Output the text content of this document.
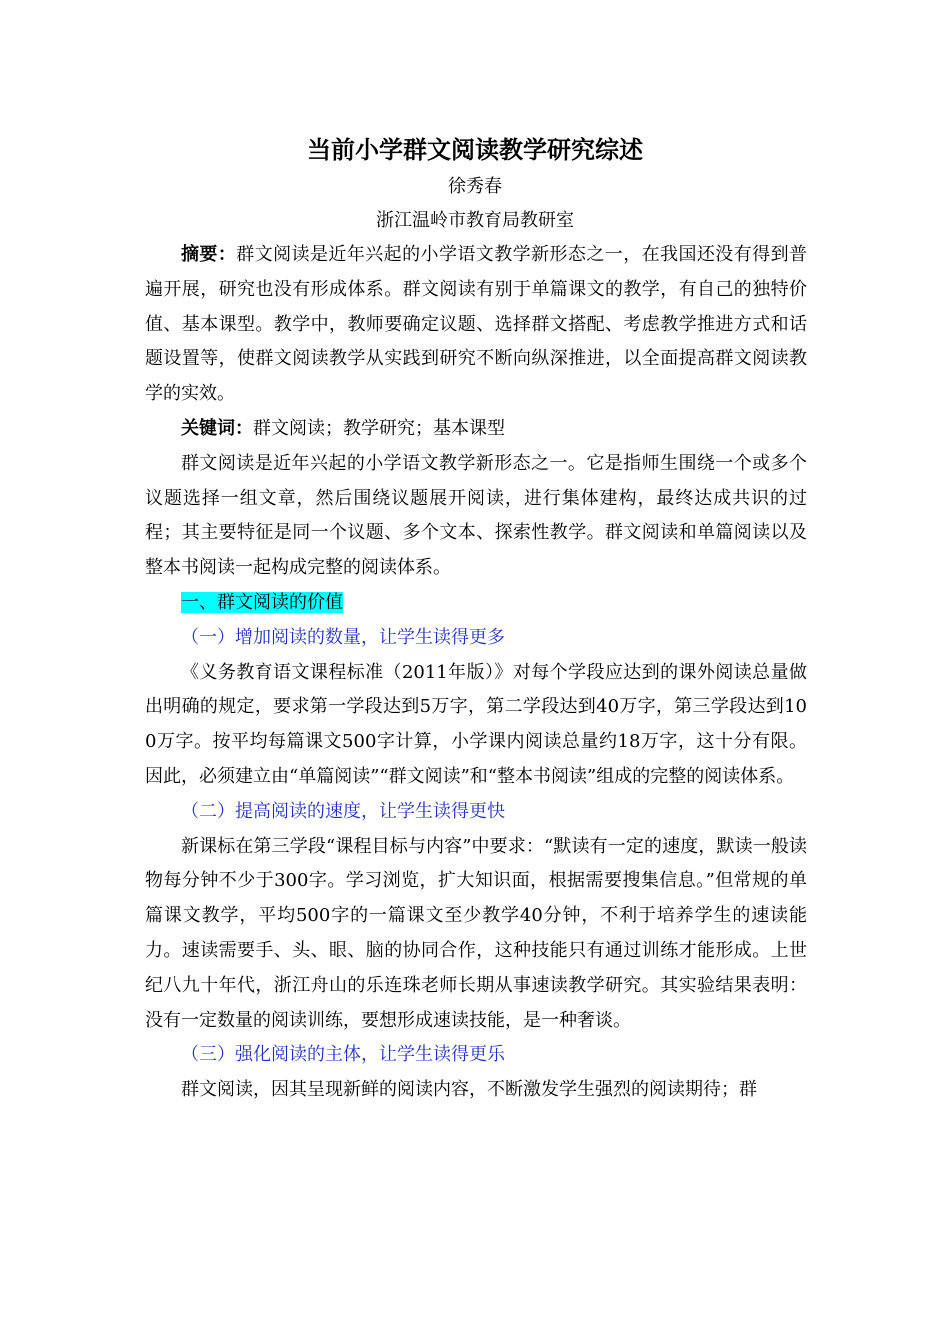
当前小学群文阅读教学研究综述
徐秀春
浙江温岭市教育局教研室

摘要：群文阅读是近年兴起的小学语文教学新形态之一，在我国还没有得到普遍开展，研究也没有形成体系。群文阅读有别于单篇课文的教学，有自己的独特价值、基本课型。教学中，教师要确定议题、选择群文搭配、考虑教学推进方式和话题设置等，使群文阅读教学从实践到研究不断向纵深推进，以全面提高群文阅读教学的实效。

关键词：群文阅读；教学研究；基本课型

群文阅读是近年兴起的小学语文教学新形态之一。它是指师生围绕一个或多个议题选择一组文章，然后围绕议题展开阅读，进行集体建构，最终达成共识的过程；其主要特征是同一个议题、多个文本、探索性教学。群文阅读和单篇阅读以及整本书阅读一起构成完整的阅读体系。

一、群文阅读的价值
（一）增加阅读的数量，让学生读得更多

《义务教育语文课程标准（2011年版）》对每个学段应达到的课外阅读总量做出明确的规定，要求第一学段达到5万字，第二学段达到40万字，第三学段达到100万字。按平均每篇课文500字计算，小学课内阅读总量约18万字，这十分有限。因此，必须建立由“单篇阅读”“群文阅读”和“整本书阅读”组成的完整的阅读体系。

（二）提高阅读的速度，让学生读得更快

新课标在第三学段“课程目标与内容”中要求：“默读有一定的速度，默读一般读物每分钟不少于300字。学习浏览，扩大知识面，根据需要搜集信息。”但常规的单篇课文教学，平均500字的一篇课文至少教学40分钟，不利于培养学生的速读能力。速读需要手、头、眼、脑的协同合作，这种技能只有通过训练才能形成。上世纪八九十年代，浙江舟山的乐连珠老师长期从事速读教学研究。其实验结果表明：没有一定数量的阅读训练，要想形成速读技能，是一种奢谈。

（三）强化阅读的主体，让学生读得更乐

群文阅读，因其呈现新鲜的阅读内容，不断激发学生强烈的阅读期待；群
